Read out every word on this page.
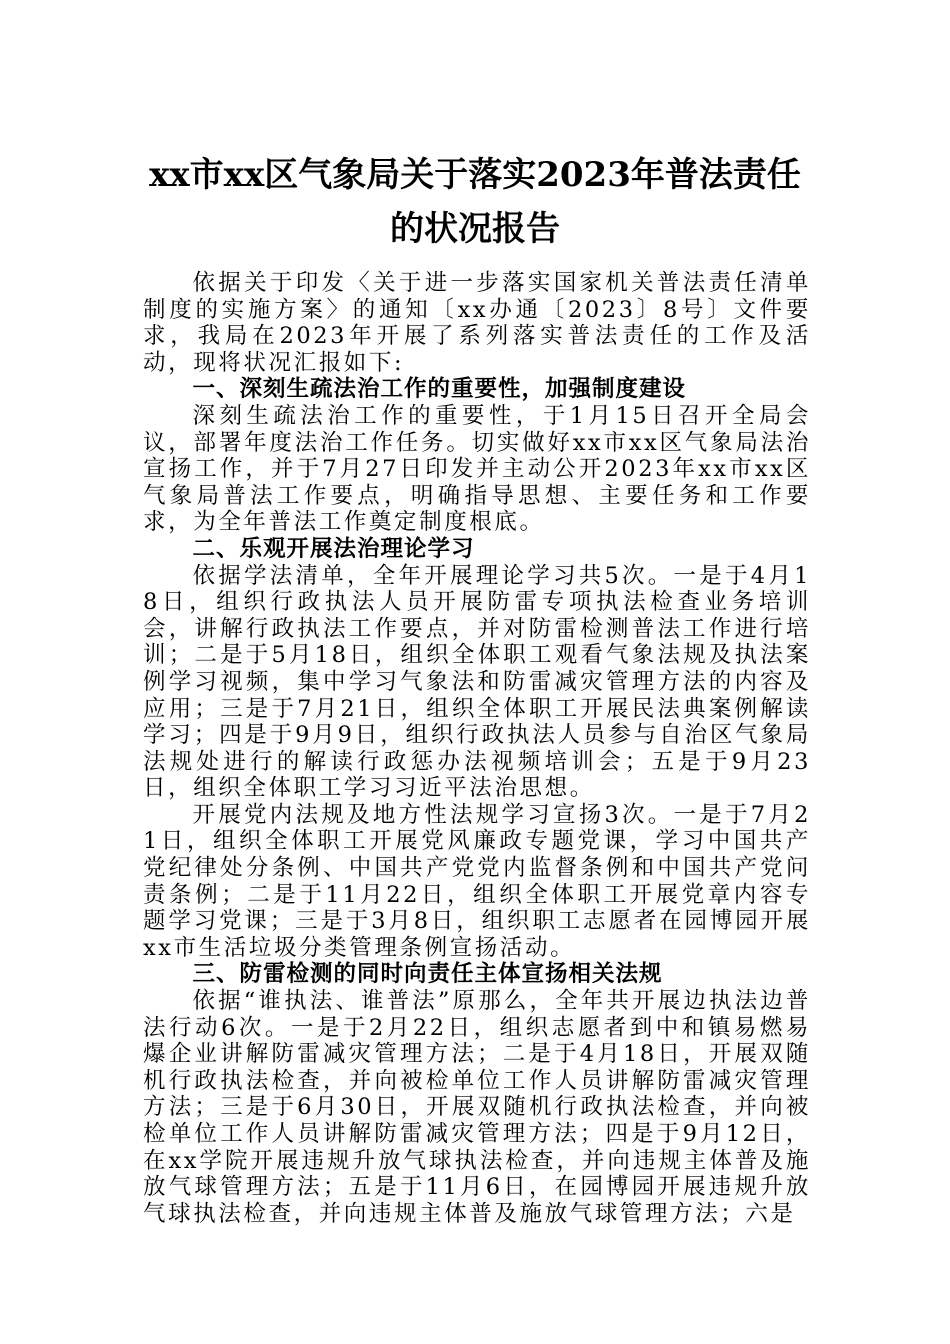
xx市xx区气象局关于落实2023年普法责任
的状况报告

依据关于印发〈关于进一步落实国家机关普法责任清单制度的实施方案〉的通知〔xx办通〔2023〕8号〕文件要求，我局在2023年开展了系列落实普法责任的工作及活动，现将状况汇报如下:

一、深刻生疏法治工作的重要性，加强制度建设

深刻生疏法治工作的重要性，于1月15日召开全局会议，部署年度法治工作任务。切实做好xx市xx区气象局法治宣扬工作，并于7月27日印发并主动公开2023年xx市xx区气象局普法工作要点，明确指导思想、主要任务和工作要求，为全年普法工作奠定制度根底。

二、乐观开展法治理论学习

依据学法清单，全年开展理论学习共5次。一是于4月18日，组织行政执法人员开展防雷专项执法检查业务培训会，讲解行政执法工作要点，并对防雷检测普法工作进行培训；二是于5月18日，组织全体职工观看气象法规及执法案例学习视频，集中学习气象法和防雷减灾管理方法的内容及应用；三是于7月21日，组织全体职工开展民法典案例解读学习；四是于9月9日，组织行政执法人员参与自治区气象局法规处进行的解读行政惩办法视频培训会；五是于9月23日，组织全体职工学习习近平法治思想。

开展党内法规及地方性法规学习宣扬3次。一是于7月21日，组织全体职工开展党风廉政专题党课，学习中国共产党纪律处分条例、中国共产党党内监督条例和中国共产党问责条例；二是于11月22日，组织全体职工开展党章内容专题学习党课；三是于3月8日，组织职工志愿者在园博园开展xx市生活垃圾分类管理条例宣扬活动。

三、防雷检测的同时向责任主体宣扬相关法规

依据“谁执法、谁普法”原那么，全年共开展边执法边普法行动6次。一是于2月22日，组织志愿者到中和镇易燃易爆企业讲解防雷减灾管理方法；二是于4月18日，开展双随机行政执法检查，并向被检单位工作人员讲解防雷减灾管理方法；三是于6月30日，开展双随机行政执法检查，并向被检单位工作人员讲解防雷减灾管理方法；四是于9月12日，在xx学院开展违规升放气球执法检查，并向违规主体普及施放气球管理方法；五是于11月6日，在园博园开展违规升放气球执法检查，并向违规主体普及施放气球管理方法；六是
